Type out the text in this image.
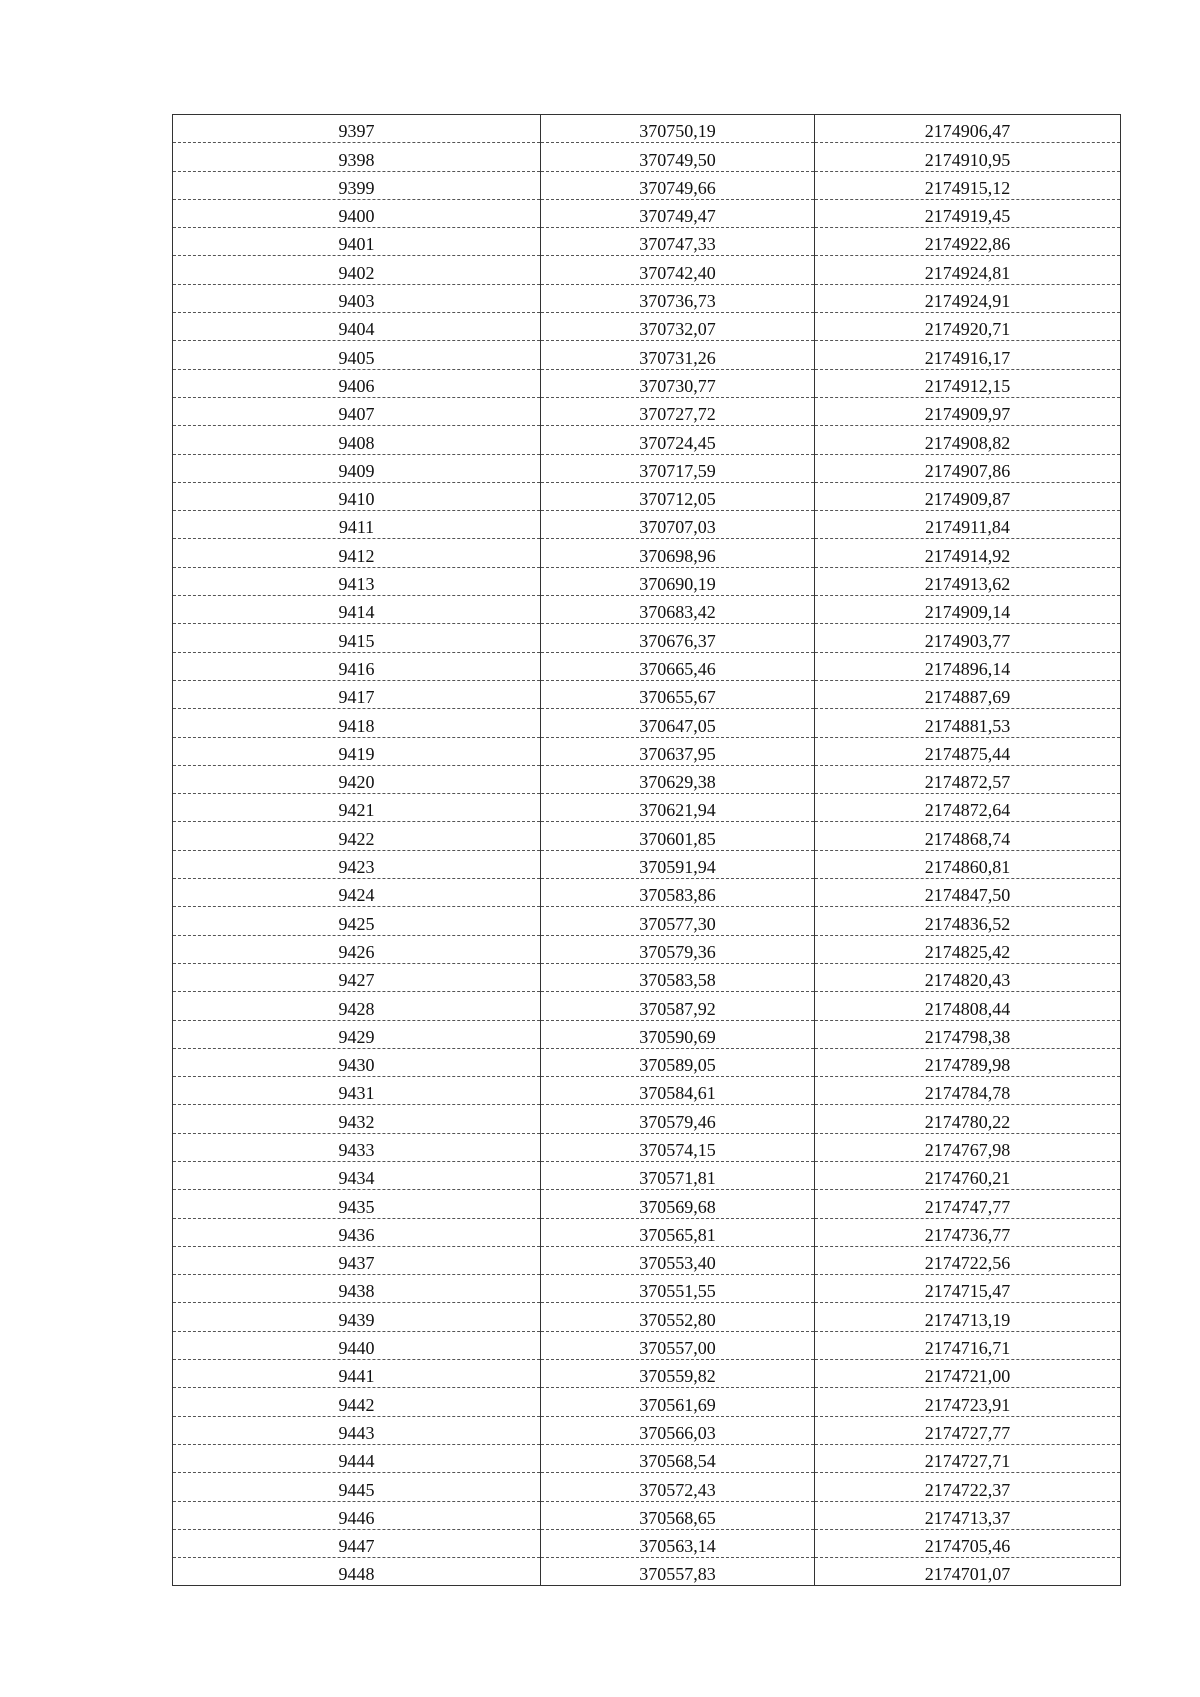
9397	370750,19	2174906,47
9398	370749,50	2174910,95
9399	370749,66	2174915,12
9400	370749,47	2174919,45
9401	370747,33	2174922,86
9402	370742,40	2174924,81
9403	370736,73	2174924,91
9404	370732,07	2174920,71
9405	370731,26	2174916,17
9406	370730,77	2174912,15
9407	370727,72	2174909,97
9408	370724,45	2174908,82
9409	370717,59	2174907,86
9410	370712,05	2174909,87
9411	370707,03	2174911,84
9412	370698,96	2174914,92
9413	370690,19	2174913,62
9414	370683,42	2174909,14
9415	370676,37	2174903,77
9416	370665,46	2174896,14
9417	370655,67	2174887,69
9418	370647,05	2174881,53
9419	370637,95	2174875,44
9420	370629,38	2174872,57
9421	370621,94	2174872,64
9422	370601,85	2174868,74
9423	370591,94	2174860,81
9424	370583,86	2174847,50
9425	370577,30	2174836,52
9426	370579,36	2174825,42
9427	370583,58	2174820,43
9428	370587,92	2174808,44
9429	370590,69	2174798,38
9430	370589,05	2174789,98
9431	370584,61	2174784,78
9432	370579,46	2174780,22
9433	370574,15	2174767,98
9434	370571,81	2174760,21
9435	370569,68	2174747,77
9436	370565,81	2174736,77
9437	370553,40	2174722,56
9438	370551,55	2174715,47
9439	370552,80	2174713,19
9440	370557,00	2174716,71
9441	370559,82	2174721,00
9442	370561,69	2174723,91
9443	370566,03	2174727,77
9444	370568,54	2174727,71
9445	370572,43	2174722,37
9446	370568,65	2174713,37
9447	370563,14	2174705,46
9448	370557,83	2174701,07
